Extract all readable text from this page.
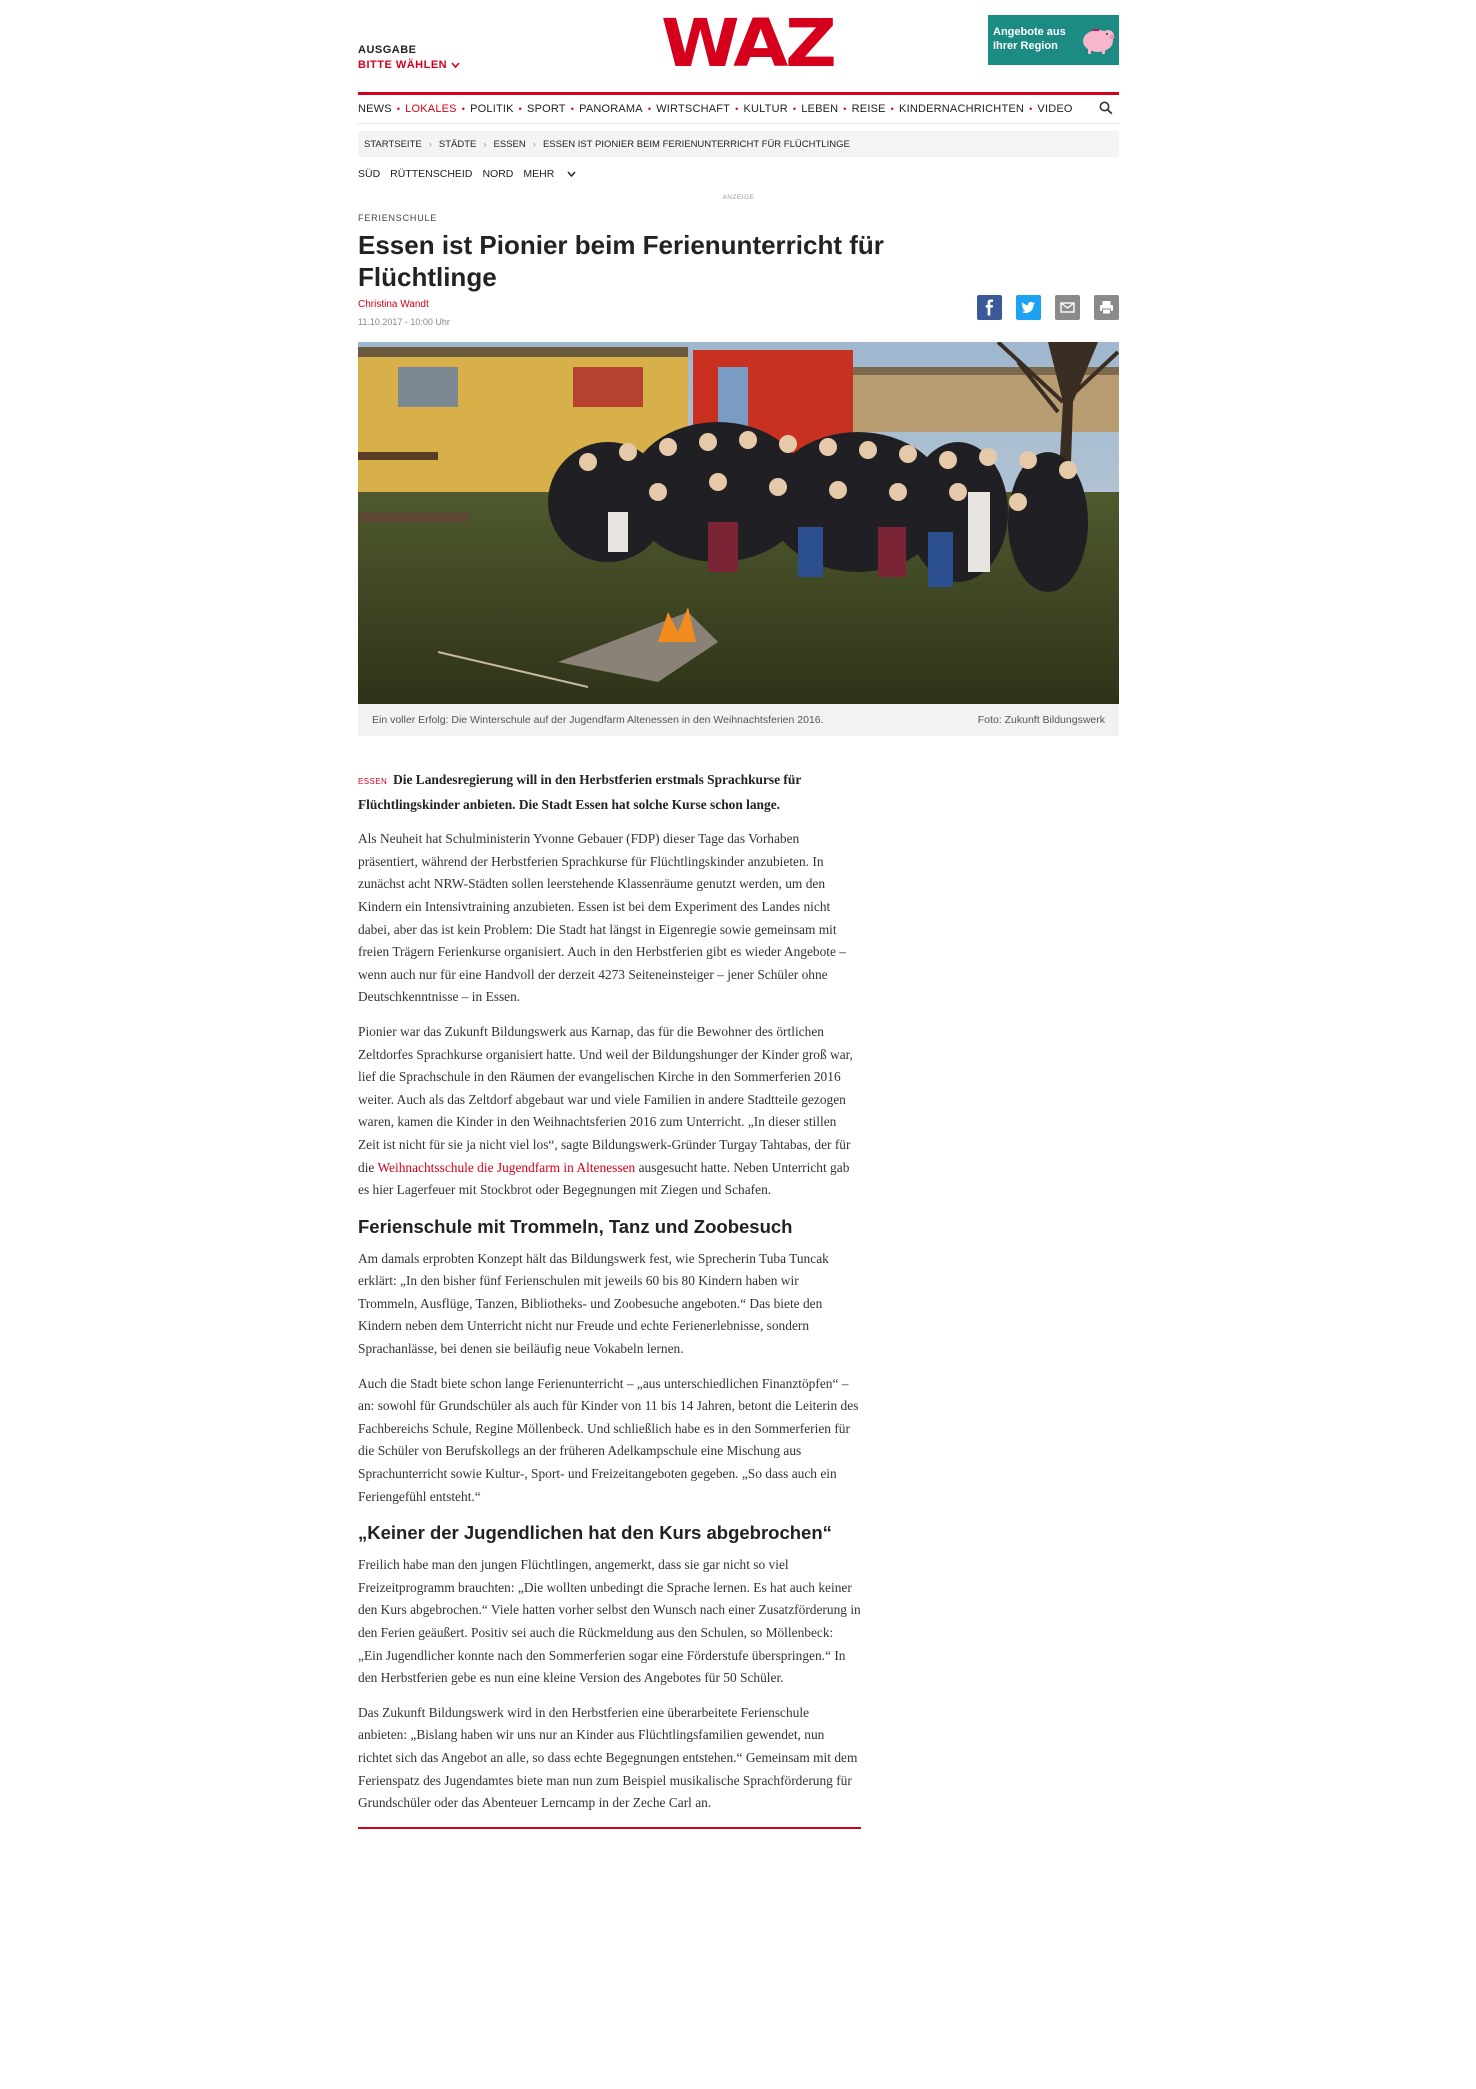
AUSGABE
BITTE WÄHLEN	WAZ	Angebote aus Ihrer Region
NEWS • LOKALES • POLITIK • SPORT • PANORAMA • WIRTSCHAFT • KULTUR • LEBEN • REISE • KINDERNACHRICHTEN • VIDEO
STARTSEITE › STÄDTE › ESSEN › ESSEN IST PIONIER BEIM FERIENUNTERRICHT FÜR FLÜCHTLINGE
SÜD RÜTTENSCHEID NORD MEHR
ANZEIGE
FERIENSCHULE
Essen ist Pionier beim Ferienunterricht für Flüchtlinge
Christina Wandt
11.10.2017 - 10:00 Uhr
Ein voller Erfolg: Die Winterschule auf der Jugendfarm Altenessen in den Weihnachtsferien 2016.	Foto: Zukunft Bildungswerk

ESSEN Die Landesregierung will in den Herbstferien erstmals Sprachkurse für Flüchtlingskinder anbieten. Die Stadt Essen hat solche Kurse schon lange.

Als Neuheit hat Schulministerin Yvonne Gebauer (FDP) dieser Tage das Vorhaben präsentiert, während der Herbstferien Sprachkurse für Flüchtlingskinder anzubieten. In zunächst acht NRW-Städten sollen leerstehende Klassenräume genutzt werden, um den Kindern ein Intensivtraining anzubieten. Essen ist bei dem Experiment des Landes nicht dabei, aber das ist kein Problem: Die Stadt hat längst in Eigenregie sowie gemeinsam mit freien Trägern Ferienkurse organisiert. Auch in den Herbstferien gibt es wieder Angebote – wenn auch nur für eine Handvoll der derzeit 4273 Seiteneinsteiger – jener Schüler ohne Deutschkenntnisse – in Essen.

Pionier war das Zukunft Bildungswerk aus Karnap, das für die Bewohner des örtlichen Zeltdorfes Sprachkurse organisiert hatte. Und weil der Bildungshunger der Kinder groß war, lief die Sprachschule in den Räumen der evangelischen Kirche in den Sommerferien 2016 weiter. Auch als das Zeltdorf abgebaut war und viele Familien in andere Stadtteile gezogen waren, kamen die Kinder in den Weihnachtsferien 2016 zum Unterricht. „In dieser stillen Zeit ist nicht für sie ja nicht viel los“, sagte Bildungswerk-Gründer Turgay Tahtabas, der für die Weihnachtsschule die Jugendfarm in Altenessen ausgesucht hatte. Neben Unterricht gab es hier Lagerfeuer mit Stockbrot oder Begegnungen mit Ziegen und Schafen.

Ferienschule mit Trommeln, Tanz und Zoobesuch

Am damals erprobten Konzept hält das Bildungswerk fest, wie Sprecherin Tuba Tuncak erklärt: „In den bisher fünf Ferienschulen mit jeweils 60 bis 80 Kindern haben wir Trommeln, Ausflüge, Tanzen, Bibliotheks- und Zoobesuche angeboten.“ Das biete den Kindern neben dem Unterricht nicht nur Freude und echte Ferienerlebnisse, sondern Sprachanlässe, bei denen sie beiläufig neue Vokabeln lernen.

Auch die Stadt biete schon lange Ferienunterricht – „aus unterschiedlichen Finanztöpfen“ – an: sowohl für Grundschüler als auch für Kinder von 11 bis 14 Jahren, betont die Leiterin des Fachbereichs Schule, Regine Möllenbeck. Und schließlich habe es in den Sommerferien für die Schüler von Berufskollegs an der früheren Adelkampschule eine Mischung aus Sprachunterricht sowie Kultur-, Sport- und Freizeitangeboten gegeben. „So dass auch ein Feriengefühl entsteht.“

„Keiner der Jugendlichen hat den Kurs abgebrochen“

Freilich habe man den jungen Flüchtlingen, angemerkt, dass sie gar nicht so viel Freizeitprogramm brauchten: „Die wollten unbedingt die Sprache lernen. Es hat auch keiner den Kurs abgebrochen.“ Viele hatten vorher selbst den Wunsch nach einer Zusatzförderung in den Ferien geäußert. Positiv sei auch die Rückmeldung aus den Schulen, so Möllenbeck: „Ein Jugendlicher konnte nach den Sommerferien sogar eine Förderstufe überspringen.“ In den Herbstferien gebe es nun eine kleine Version des Angebotes für 50 Schüler.

Das Zukunft Bildungswerk wird in den Herbstferien eine überarbeitete Ferienschule anbieten: „Bislang haben wir uns nur an Kinder aus Flüchtlingsfamilien gewendet, nun richtet sich das Angebot an alle, so dass echte Begegnungen entstehen.“ Gemeinsam mit dem Ferienspatz des Jugendamtes biete man nun zum Beispiel musikalische Sprachförderung für Grundschüler oder das Abenteuer Lerncamp in der Zeche Carl an.
